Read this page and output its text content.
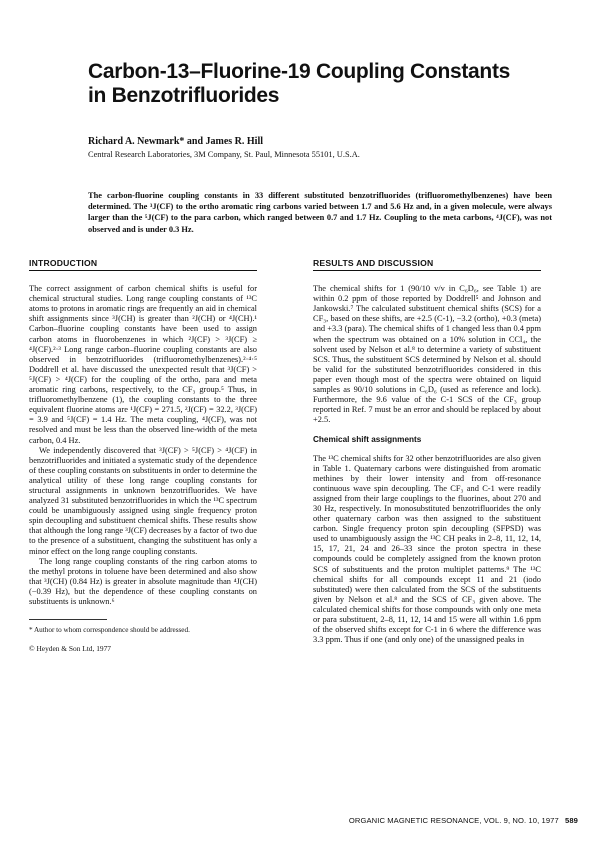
Carbon-13–Fluorine-19 Coupling Constants in Benzotrifluorides
Richard A. Newmark* and James R. Hill
Central Research Laboratories, 3M Company, St. Paul, Minnesota 55101, U.S.A.

The carbon-fluorine coupling constants in 33 different substituted benzotrifluorides (trifluoromethylbenzenes) have been determined. The ³J(CF) to the ortho aromatic ring carbons varied between 1.7 and 5.6 Hz and, in a given molecule, were always larger than the ⁵J(CF) to the para carbon, which ranged between 0.7 and 1.7 Hz. Coupling to the meta carbons, ⁴J(CF), was not observed and is under 0.3 Hz.

INTRODUCTION

The correct assignment of carbon chemical shifts is useful for chemical structural studies. Long range coupling constants of ¹³C atoms to protons in aromatic rings are frequently an aid in chemical shift assignments since ³J(CH) is greater than ²J(CH) or ⁴J(CH).¹ Carbon–fluorine coupling constants have been used to assign carbon atoms in fluorobenzenes in which ²J(CF) > ³J(CF) ≥ ⁴J(CF).²·³ Long range carbon–fluorine coupling constants are also observed in benzotrifluorides (trifluoromethylbenzenes).²·⁴·⁵ Doddrell et al. have discussed the unexpected result that ³J(CF) > ⁵J(CF) > ⁴J(CF) for the coupling of the ortho, para and meta aromatic ring carbons, respectively, to the CF₃ group.⁵ Thus, in trifluoromethylbenzene (1), the coupling constants to the three equivalent fluorine atoms are ¹J(CF) = 271.5, ²J(CF) = 32.2, ³J(CF) = 3.9 and ⁵J(CF) = 1.4 Hz. The meta coupling, ⁴J(CF), was not resolved and must be less than the observed line-width of the meta carbon, 0.4 Hz.

We independently discovered that ³J(CF) > ⁵J(CF) > ⁴J(CF) in benzotrifluorides and initiated a systematic study of the dependence of these coupling constants on substituents in order to determine the analytical utility of these long range coupling constants for structural assignments in unknown benzotrifluorides. We have analyzed 31 substituted benzotrifluorides in which the ¹³C spectrum could be unambiguously assigned using single frequency proton spin decoupling and substituent chemical shifts. These results show that although the long range ³J(CF) decreases by a factor of two due to the presence of a substituent, changing the substituent has only a minor effect on the long range coupling constants.

The long range coupling constants of the ring carbon atoms to the methyl protons in toluene have been determined and also show that ³J(CH) (0.84 Hz) is greater in absolute magnitude than ⁴J(CH) (−0.39 Hz), but the dependence of these coupling constants on substituents is unknown.⁶

* Author to whom correspondence should be addressed.

© Heyden & Son Ltd, 1977

RESULTS AND DISCUSSION

The chemical shifts for 1 (90/10 v/v in C₆D₆, see Table 1) are within 0.2 ppm of those reported by Doddrell⁵ and Johnson and Jankowski.⁷ The calculated substituent chemical shifts (SCS) for a CF₃, based on these shifts, are +2.5 (C-1), −3.2 (ortho), +0.3 (meta) and +3.3 (para). The chemical shifts of 1 changed less than 0.4 ppm when the spectrum was obtained on a 10% solution in CCl₄, the solvent used by Nelson et al.⁸ to determine a variety of substituent SCS. Thus, the substituent SCS determined by Nelson et al. should be valid for the substituted benzotrifluorides considered in this paper even though most of the spectra were obtained on liquid samples as 90/10 solutions in C₆D₆ (used as reference and lock). Furthermore, the 9.6 value of the C-1 SCS of the CF₃ group reported in Ref. 7 must be an error and should be replaced by about +2.5.

Chemical shift assignments

The ¹³C chemical shifts for 32 other benzotrifluorides are also given in Table 1. Quaternary carbons were distinguished from aromatic methines by their lower intensity and from off-resonance continuous wave spin decoupling. The CF₃ and C-1 were readily assigned from their large couplings to the fluorines, about 270 and 30 Hz, respectively. In monosubstituted benzotrifluorides the only other quaternary carbon was then assigned to the substituent carbon. Single frequency proton spin decoupling (SFPSD) was used to unambiguously assign the ¹³C CH peaks in 2–8, 11, 12, 14, 15, 17, 21, 24 and 26–33 since the proton spectra in these compounds could be completely assigned from the known proton SCS of substituents and the proton multiplet patterns.⁹ The ¹³C chemical shifts for all compounds except 11 and 21 (iodo substituted) were then calculated from the SCS of the substituents given by Nelson et al.⁸ and the SCS of CF₃ given above. The calculated chemical shifts for those compounds with only one meta or para substituent, 2–8, 11, 12, 14 and 15 were all within 1.6 ppm of the observed shifts except for C-1 in 6 where the difference was 3.3 ppm. Thus if one (and only one) of the unassigned peaks in

ORGANIC MAGNETIC RESONANCE, VOL. 9, NO. 10, 1977 589
